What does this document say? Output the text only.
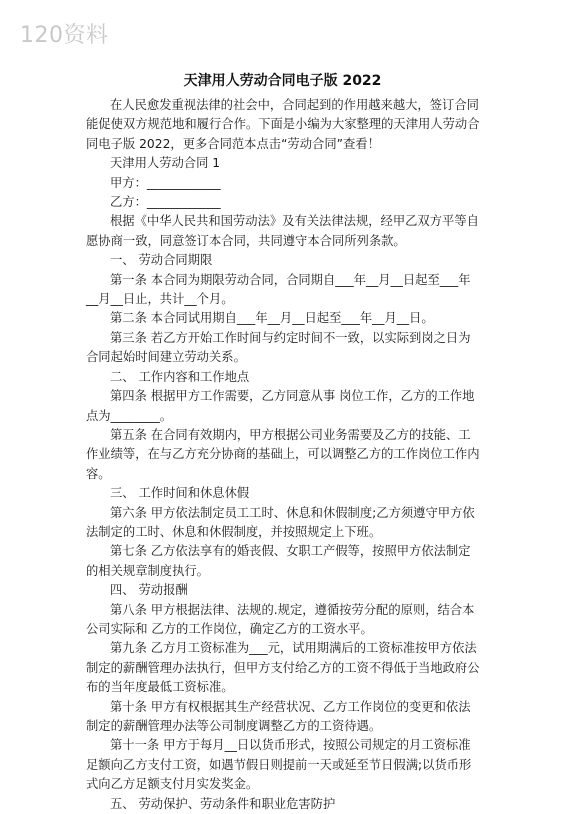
120资料
天津用人劳动合同电子版 2022

在人民愈发重视法律的社会中，合同起到的作用越来越大，签订合同能促使双方规范地和履行合作。下面是小编为大家整理的天津用人劳动合同电子版 2022，更多合同范本点击“劳动合同”查看！

天津用人劳动合同 1

甲方：____________

乙方：____________

根据《中华人民共和国劳动法》及有关法律法规，经甲乙双方平等自愿协商一致，同意签订本合同，共同遵守本合同所列条款。

一、 劳动合同期限

第一条 本合同为期限劳动合同，合同期自___年__月__日起至___年__月__日止，共计__个月。

第二条 本合同试用期自___年__月__日起至___年__月__日。

第三条 若乙方开始工作时间与约定时间不一致，以实际到岗之日为合同起始时间建立劳动关系。

二、 工作内容和工作地点

第四条 根据甲方工作需要，乙方同意从事 岗位工作，乙方的工作地点为________。

第五条 在合同有效期内，甲方根据公司业务需要及乙方的技能、工作业绩等，在与乙方充分协商的基础上，可以调整乙方的工作岗位工作内容。

三、 工作时间和休息休假

第六条 甲方依法制定员工工时、休息和休假制度;乙方须遵守甲方依法制定的工时、休息和休假制度，并按照规定上下班。

第七条 乙方依法享有的婚丧假、女职工产假等，按照甲方依法制定的相关规章制度执行。

四、 劳动报酬

第八条 甲方根据法律、法规的.规定，遵循按劳分配的原则，结合本公司实际和 乙方的工作岗位，确定乙方的工资水平。

第九条 乙方月工资标准为___元，试用期满后的工资标准按甲方依法制定的薪酬管理办法执行，但甲方支付给乙方的工资不得低于当地政府公布的当年度最低工资标准。

第十条 甲方有权根据其生产经营状况、乙方工作岗位的变更和依法制定的薪酬管理办法等公司制度调整乙方的工资待遇。

第十一条 甲方于每月__日以货币形式，按照公司规定的月工资标准足额向乙方支付工资，如遇节假日则提前一天或延至节日假满;以货币形式向乙方足额支付月实发奖金。

五、 劳动保护、劳动条件和职业危害防护
